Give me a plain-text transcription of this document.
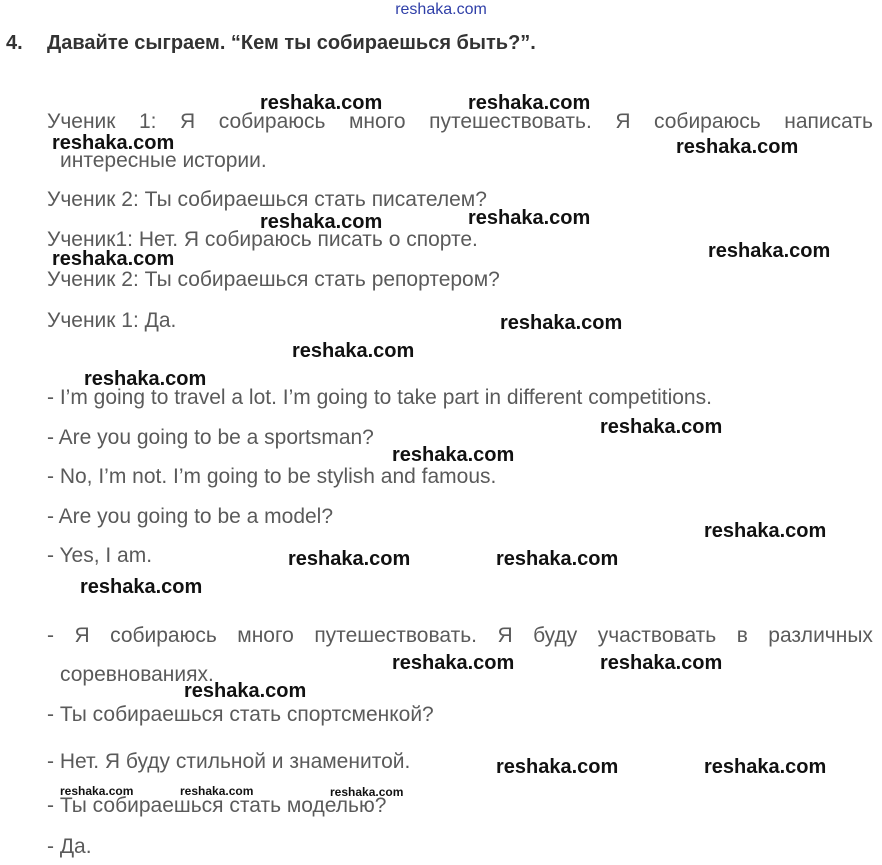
reshaka.com
4. Давайте сыграем. “Кем ты собираешься быть?”.
Ученик 1: Я собираюсь много путешествовать. Я собираюсь написать
интересные истории.
Ученик 2: Ты собираешься стать писателем?
Ученик1: Нет. Я собираюсь писать о спорте.
Ученик 2: Ты собираешься стать репортером?
Ученик 1: Да.
- I’m going to travel a lot. I’m going to take part in different competitions.
- Are you going to be a sportsman?
- No, I’m not. I’m going to be stylish and famous.
- Are you going to be a model?
- Yes, I am.
- Я собираюсь много путешествовать. Я буду участвовать в различных
соревнованиях.
- Ты собираешься стать спортсменкой?
- Нет. Я буду стильной и знаменитой.
- Ты собираешься стать моделью?
- Да.
reshaka.com	reshaka.com
reshaka.com	reshaka.com
reshaka.com	reshaka.com
reshaka.com
reshaka.com
reshaka.com
reshaka.com
reshaka.com
reshaka.com
reshaka.com
reshaka.com
reshaka.com	reshaka.com
reshaka.com
reshaka.com	reshaka.com
reshaka.com
reshaka.com	reshaka.com
reshaka.com	reshaka.com	reshaka.com
